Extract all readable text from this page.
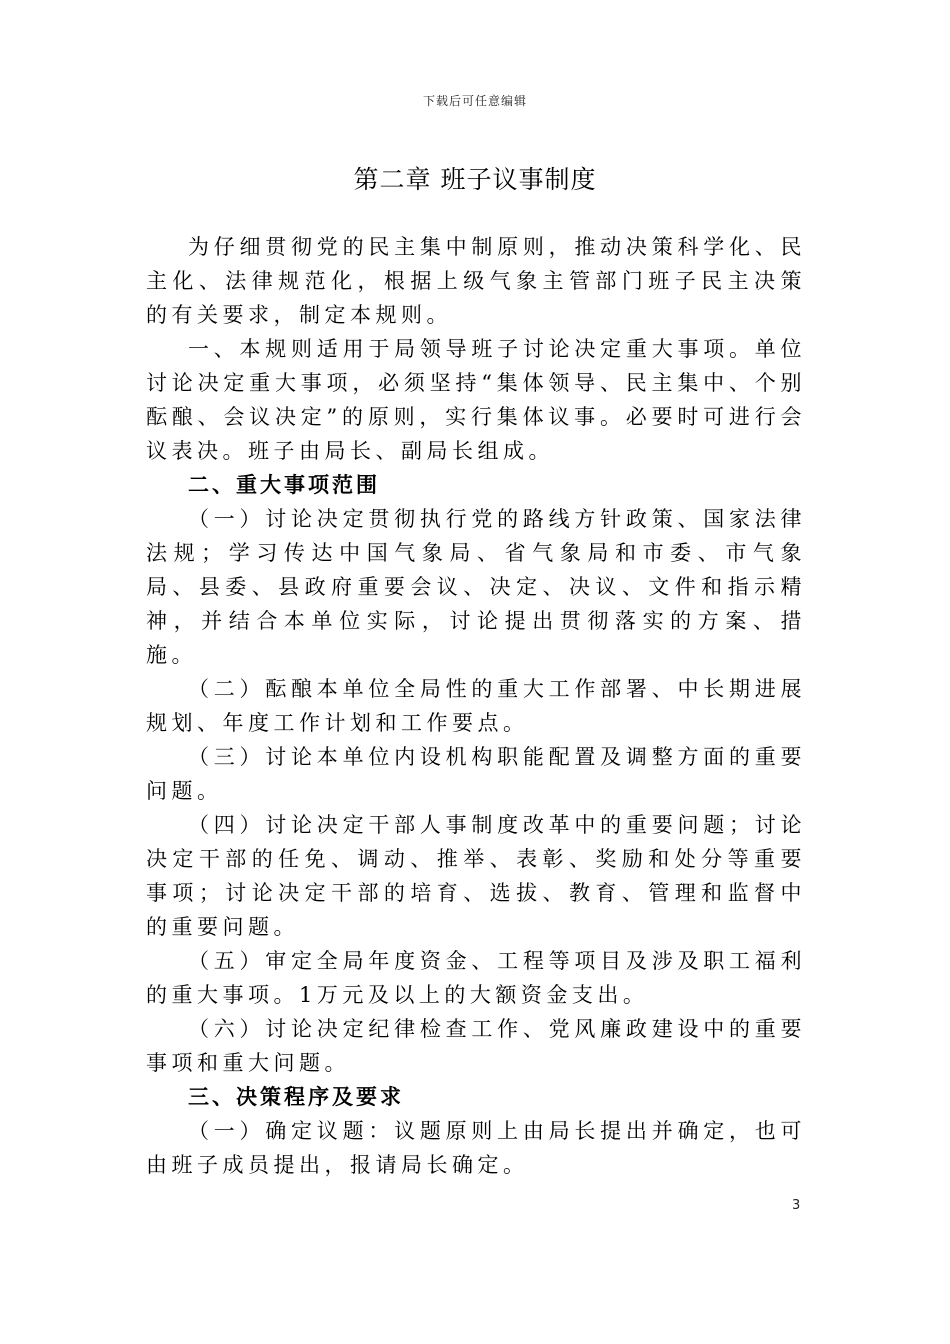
下载后可任意编辑
第二章 班子议事制度

为仔细贯彻党的民主集中制原则，推动决策科学化、民主化、法律规范化，根据上级气象主管部门班子民主决策的有关要求，制定本规则。

一、本规则适用于局领导班子讨论决定重大事项。单位讨论决定重大事项，必须坚持“集体领导、民主集中、个别酝酿、会议决定”的原则，实行集体议事。必要时可进行会议表决。班子由局长、副局长组成。

二、重大事项范围

（一）讨论决定贯彻执行党的路线方针政策、国家法律法规；学习传达中国气象局、省气象局和市委、市气象局、县委、县政府重要会议、决定、决议、文件和指示精神，并结合本单位实际，讨论提出贯彻落实的方案、措施。

（二）酝酿本单位全局性的重大工作部署、中长期进展规划、年度工作计划和工作要点。

（三）讨论本单位内设机构职能配置及调整方面的重要问题。

（四）讨论决定干部人事制度改革中的重要问题；讨论决定干部的任免、调动、推举、表彰、奖励和处分等重要事项；讨论决定干部的培育、选拔、教育、管理和监督中的重要问题。

（五）审定全局年度资金、工程等项目及涉及职工福利的重大事项。1万元及以上的大额资金支出。

（六）讨论决定纪律检查工作、党风廉政建设中的重要事项和重大问题。

三、决策程序及要求

（一）确定议题：议题原则上由局长提出并确定，也可由班子成员提出，报请局长确定。

3
